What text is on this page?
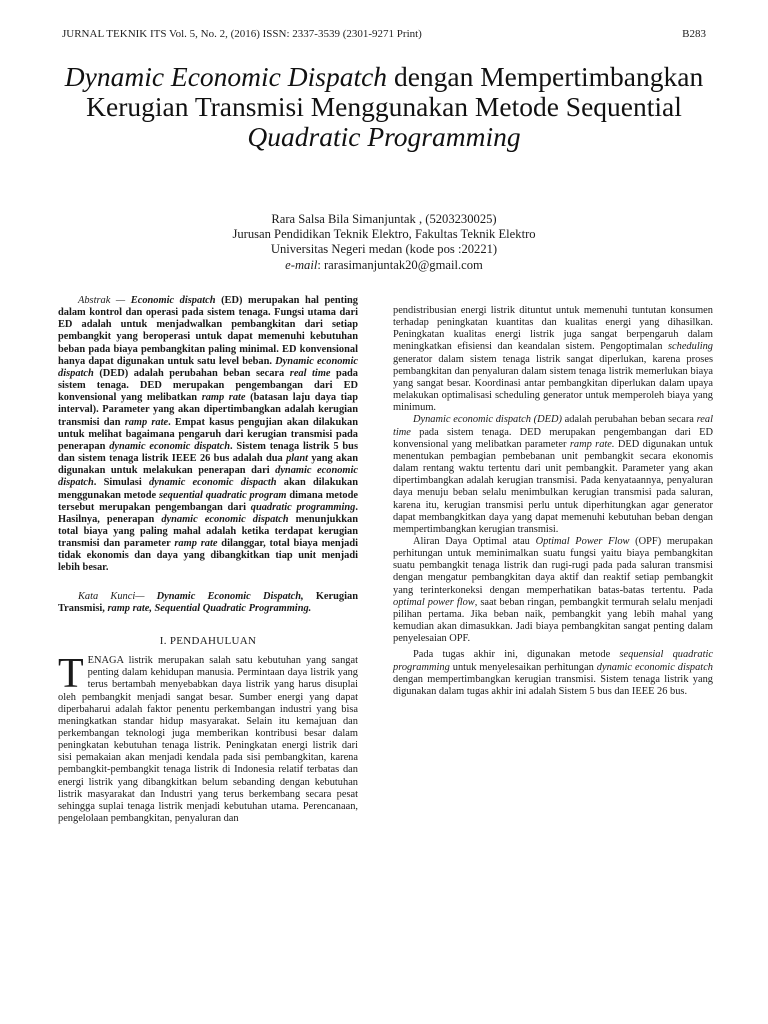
JURNAL TEKNIK ITS Vol. 5, No. 2, (2016) ISSN: 2337-3539 (2301-9271 Print)	B283
Dynamic Economic Dispatch dengan Mempertimbangkan Kerugian Transmisi Menggunakan Metode Sequential Quadratic Programming
Rara Salsa Bila Simanjuntak , (5203230025)
Jurusan Pendidikan Teknik Elektro, Fakultas Teknik Elektro
Universitas Negeri medan (kode pos :20221)
e-mail: rarasimanjuntak20@gmail.com

Abstrak — Economic dispatch (ED) merupakan hal penting dalam kontrol dan operasi pada sistem tenaga. Fungsi utama dari ED adalah untuk menjadwalkan pembangkitan dari setiap pembangkit yang beroperasi untuk dapat memenuhi kebutuhan beban pada biaya pembangkitan paling minimal. ED konvensional hanya dapat digunakan untuk satu level beban. Dynamic economic dispatch (DED) adalah perubahan beban secara real time pada sistem tenaga. DED merupakan pengembangan dari ED konvensional yang melibatkan ramp rate (batasan laju daya tiap interval). Parameter yang akan dipertimbangkan adalah kerugian transmisi dan ramp rate. Empat kasus pengujian akan dilakukan untuk melihat bagaimana pengaruh dari kerugian transmisi pada penerapan dynamic economic dispatch. Sistem tenaga listrik 5 bus dan sistem tenaga listrik IEEE 26 bus adalah dua plant yang akan digunakan untuk melakukan penerapan dari dynamic economic dispatch. Simulasi dynamic economic dispacth akan dilakukan menggunakan metode sequential quadratic program dimana metode tersebut merupakan pengembangan dari quadratic programming. Hasilnya, penerapan dynamic economic dispatch menunjukkan total biaya yang paling mahal adalah ketika terdapat kerugian transmisi dan parameter ramp rate dilanggar, total biaya menjadi tidak ekonomis dan daya yang dibangkitkan tiap unit menjadi lebih besar.

Kata Kunci— Dynamic Economic Dispatch, Kerugian Transmisi, ramp rate, Sequential Quadratic Programming.

I. PENDAHULUAN

TENAGA listrik merupakan salah satu kebutuhan yang sangat penting dalam kehidupan manusia. Permintaan daya listrik yang terus bertambah menyebabkan daya listrik yang harus disuplai oleh pembangkit menjadi sangat besar. Sumber energi yang dapat diperbaharui adalah faktor penentu perkembangan industri yang bisa meningkatkan standar hidup masyarakat. Selain itu kemajuan dan perkembangan teknologi juga memberikan kontribusi besar dalam peningkatan kebutuhan tenaga listrik. Peningkatan energi listrik dari sisi pemakaian akan menjadi kendala pada sisi pembangkitan, karena pembangkit-pembangkit tenaga listrik di Indonesia relatif terbatas dan energi listrik yang dibangkitkan belum sebanding dengan kebutuhan listrik masyarakat dan Industri yang terus berkembang secara pesat sehingga suplai tenaga listrik menjadi kebutuhan utama. Perencanaan, pengelolaan pembangkitan, penyaluran dan

pendistribusian energi listrik dituntut untuk memenuhi tuntutan konsumen terhadap peningkatan kuantitas dan kualitas energi yang dihasilkan. Peningkatan kualitas energi listrik juga sangat berpengaruh dalam meningkatkan efisiensi dan keandalan sistem. Pengoptimalan scheduling generator dalam sistem tenaga listrik sangat diperlukan, karena proses pembangkitan dan penyaluran dalam sistem tenaga listrik memerlukan biaya yang sangat besar. Koordinasi antar pembangkitan diperlukan dalam upaya melakukan optimalisasi scheduling generator untuk memperoleh biaya yang minimum.

Dynamic economic dispatch (DED) adalah perubahan beban secara real time pada sistem tenaga. DED merupakan pengembangan dari ED konvensional yang melibatkan parameter ramp rate. DED digunakan untuk menentukan pembagian pembebanan unit pembangkit secara ekonomis dalam rentang waktu tertentu dari unit pembangkit. Parameter yang akan dipertimbangkan adalah kerugian transmisi. Pada kenyataannya, penyaluran daya menuju beban selalu menimbulkan kerugian transmisi pada saluran, karena itu, kerugian transmisi perlu untuk diperhitungkan agar generator dapat membangkitkan daya yang dapat memenuhi kebutuhan beban dengan mempertimbangkan kerugian transmisi.

Aliran Daya Optimal atau Optimal Power Flow (OPF) merupakan perhitungan untuk meminimalkan suatu fungsi yaitu biaya pembangkitan suatu pembangkit tenaga listrik dan rugi-rugi pada pada saluran transmisi dengan mengatur pembangkitan daya aktif dan reaktif setiap pembangkit yang terinterkoneksi dengan memperhatikan batas-batas tertentu. Pada optimal power flow, saat beban ringan, pembangkit termurah selalu menjadi pilihan pertama. Jika beban naik, pembangkit yang lebih mahal yang kemudian akan dimasukkan. Jadi biaya pembangkitan sangat penting dalam penyelesaian OPF.

Pada tugas akhir ini, digunakan metode sequensial quadratic programming untuk menyelesaikan perhitungan dynamic economic dispatch dengan mempertimbangkan kerugian transmisi. Sistem tenaga listrik yang digunakan dalam tugas akhir ini adalah Sistem 5 bus dan IEEE 26 bus.
